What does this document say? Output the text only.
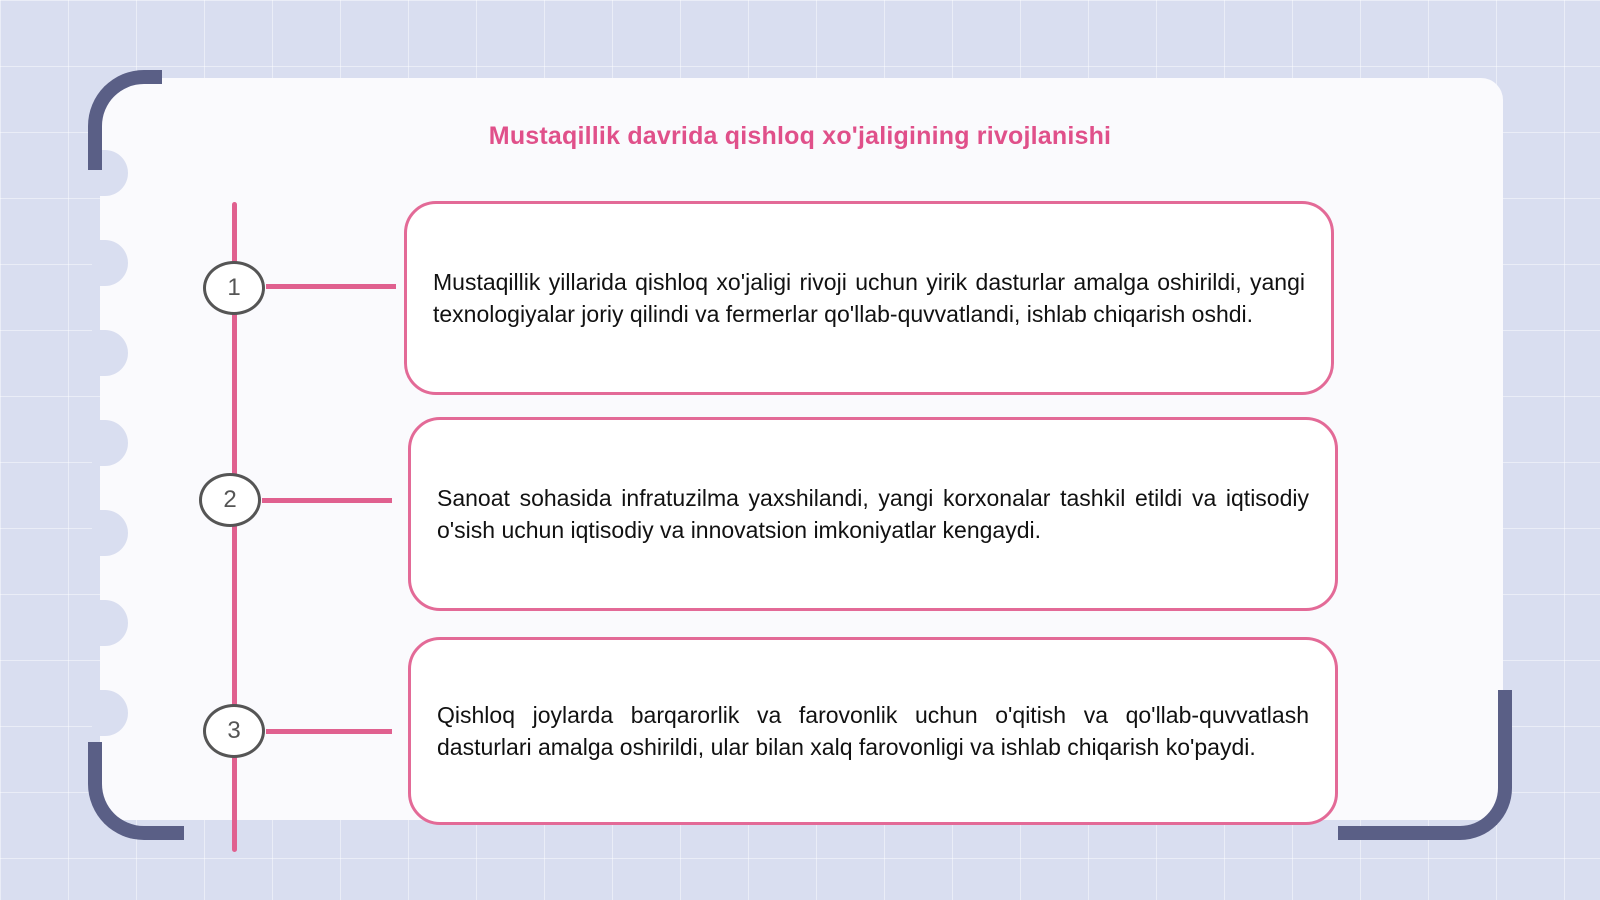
Mustaqillik davrida qishloq xo'jaligining rivojlanishi
1
2
3

Mustaqillik yillarida qishloq xo'jaligi rivoji uchun yirik dasturlar amalga oshirildi, yangi texnologiyalar joriy qilindi va fermerlar qo'llab-quvvatlandi, ishlab chiqarish oshdi.

Sanoat sohasida infratuzilma yaxshilandi, yangi korxonalar tashkil etildi va iqtisodiy o'sish uchun iqtisodiy va innovatsion imkoniyatlar kengaydi.

Qishloq joylarda barqarorlik va farovonlik uchun o'qitish va qo'llab-quvvatlash dasturlari amalga oshirildi, ular bilan xalq farovonligi va ishlab chiqarish ko'paydi.
